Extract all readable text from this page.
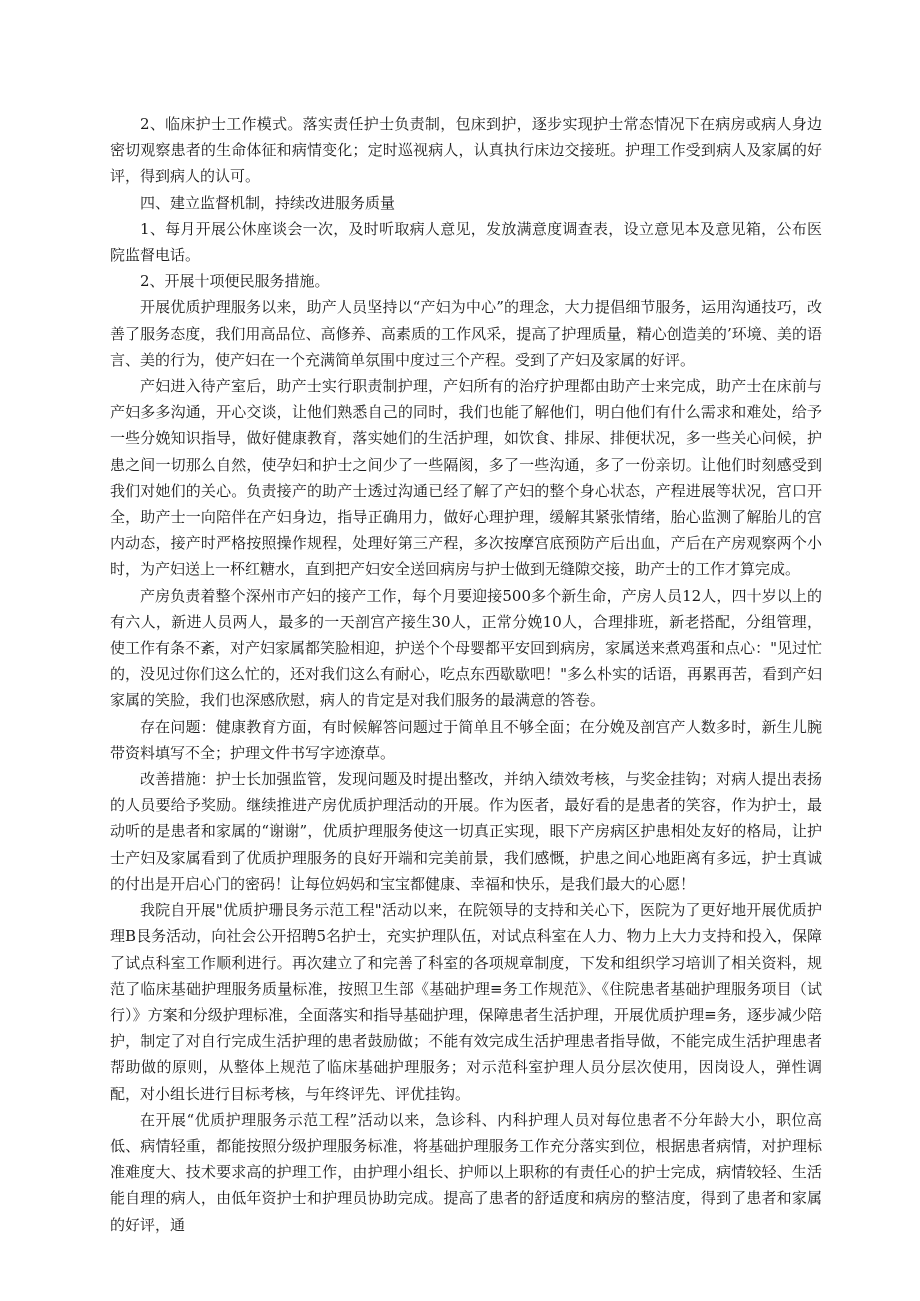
2、临床护士工作模式。落实责任护士负责制，包床到护，逐步实现护士常态情况下在病房或病人身边密切观察患者的生命体征和病情变化；定时巡视病人，认真执行床边交接班。护理工作受到病人及家属的好评，得到病人的认可。

四、建立监督机制，持续改进服务质量

1、每月开展公休座谈会一次，及时听取病人意见，发放满意度调查表，设立意见本及意见箱，公布医院监督电话。

2、开展十项便民服务措施。

开展优质护理服务以来，助产人员坚持以“产妇为中心”的理念，大力提倡细节服务，运用沟通技巧，改善了服务态度，我们用高品位、高修养、高素质的工作风采，提高了护理质量，精心创造美的’环境、美的语言、美的行为，使产妇在一个充满简单氛围中度过三个产程。受到了产妇及家属的好评。

产妇进入待产室后，助产士实行职责制护理，产妇所有的治疗护理都由助产士来完成，助产士在床前与产妇多多沟通，开心交谈，让他们熟悉自己的同时，我们也能了解他们，明白他们有什么需求和难处，给予一些分娩知识指导，做好健康教育，落实她们的生活护理，如饮食、排尿、排便状况，多一些关心问候，护患之间一切那么自然，使孕妇和护士之间少了一些隔阂，多了一些沟通，多了一份亲切。让他们时刻感受到我们对她们的关心。负责接产的助产士透过沟通已经了解了产妇的整个身心状态，产程进展等状况，宫口开全，助产士一向陪伴在产妇身边，指导正确用力，做好心理护理，缓解其紧张情绪，胎心监测了解胎儿的宫内动态，接产时严格按照操作规程，处理好第三产程，多次按摩宫底预防产后出血，产后在产房观察两个小时，为产妇送上一杯红糖水，直到把产妇安全送回病房与护士做到无缝隙交接，助产士的工作才算完成。

产房负责着整个深州市产妇的接产工作，每个月要迎接500多个新生命，产房人员12人，四十岁以上的有六人，新进人员两人，最多的一天剖宫产接生30人，正常分娩10人，合理排班，新老搭配，分组管理，使工作有条不紊，对产妇家属都笑脸相迎，护送个个母婴都平安回到病房，家属送来煮鸡蛋和点心："见过忙的，没见过你们这么忙的，还对我们这么有耐心，吃点东西歇歇吧！"多么朴实的话语，再累再苦，看到产妇家属的笑脸，我们也深感欣慰，病人的肯定是对我们服务的最满意的答卷。

存在问题：健康教育方面，有时候解答问题过于简单且不够全面；在分娩及剖宫产人数多时，新生儿腕带资料填写不全；护理文件书写字迹潦草。

改善措施：护士长加强监管，发现问题及时提出整改，并纳入绩效考核，与奖金挂钩；对病人提出表扬的人员要给予奖励。继续推进产房优质护理活动的开展。作为医者，最好看的是患者的笑容，作为护士，最动听的是患者和家属的“谢谢”，优质护理服务使这一切真正实现，眼下产房病区护患相处友好的格局，让护士产妇及家属看到了优质护理服务的良好开端和完美前景，我们感慨，护患之间心地距离有多远，护士真诚的付出是开启心门的密码！让每位妈妈和宝宝都健康、幸福和快乐，是我们最大的心愿！

我院自开展"优质护珊艮务示范工程"活动以来，在院领导的支持和关心下，医院为了更好地开展优质护理B艮务活动，向社会公开招聘5名护士，充实护理队伍，对试点科室在人力、物力上大力支持和投入，保障了试点科室工作顺利进行。再次建立了和完善了科室的各项规章制度，下发和组织学习培训了相关资料，规范了临床基础护理服务质量标准，按照卫生部《基础护理≡务工作规范》、《住院患者基础护理服务项目（试行）》方案和分级护理标准，全面落实和指导基础护理，保障患者生活护理，开展优质护理≡务，逐步减少陪护，制定了对自行完成生活护理的患者鼓励做；不能有效完成生活护理患者指导做，不能完成生活护理患者帮助做的原则，从整体上规范了临床基础护理服务；对示范科室护理人员分层次使用，因岗设人，弹性调配，对小组长进行目标考核，与年终评先、评优挂钩。

在开展“优质护理服务示范工程”活动以来，急诊科、内科护理人员对每位患者不分年龄大小，职位高低、病情轻重，都能按照分级护理服务标准，将基础护理服务工作充分落实到位，根据患者病情，对护理标准难度大、技术要求高的护理工作，由护理小组长、护师以上职称的有责任心的护士完成，病情较轻、生活能自理的病人，由低年资护士和护理员协助完成。提高了患者的舒适度和病房的整洁度，得到了患者和家属的好评，通
